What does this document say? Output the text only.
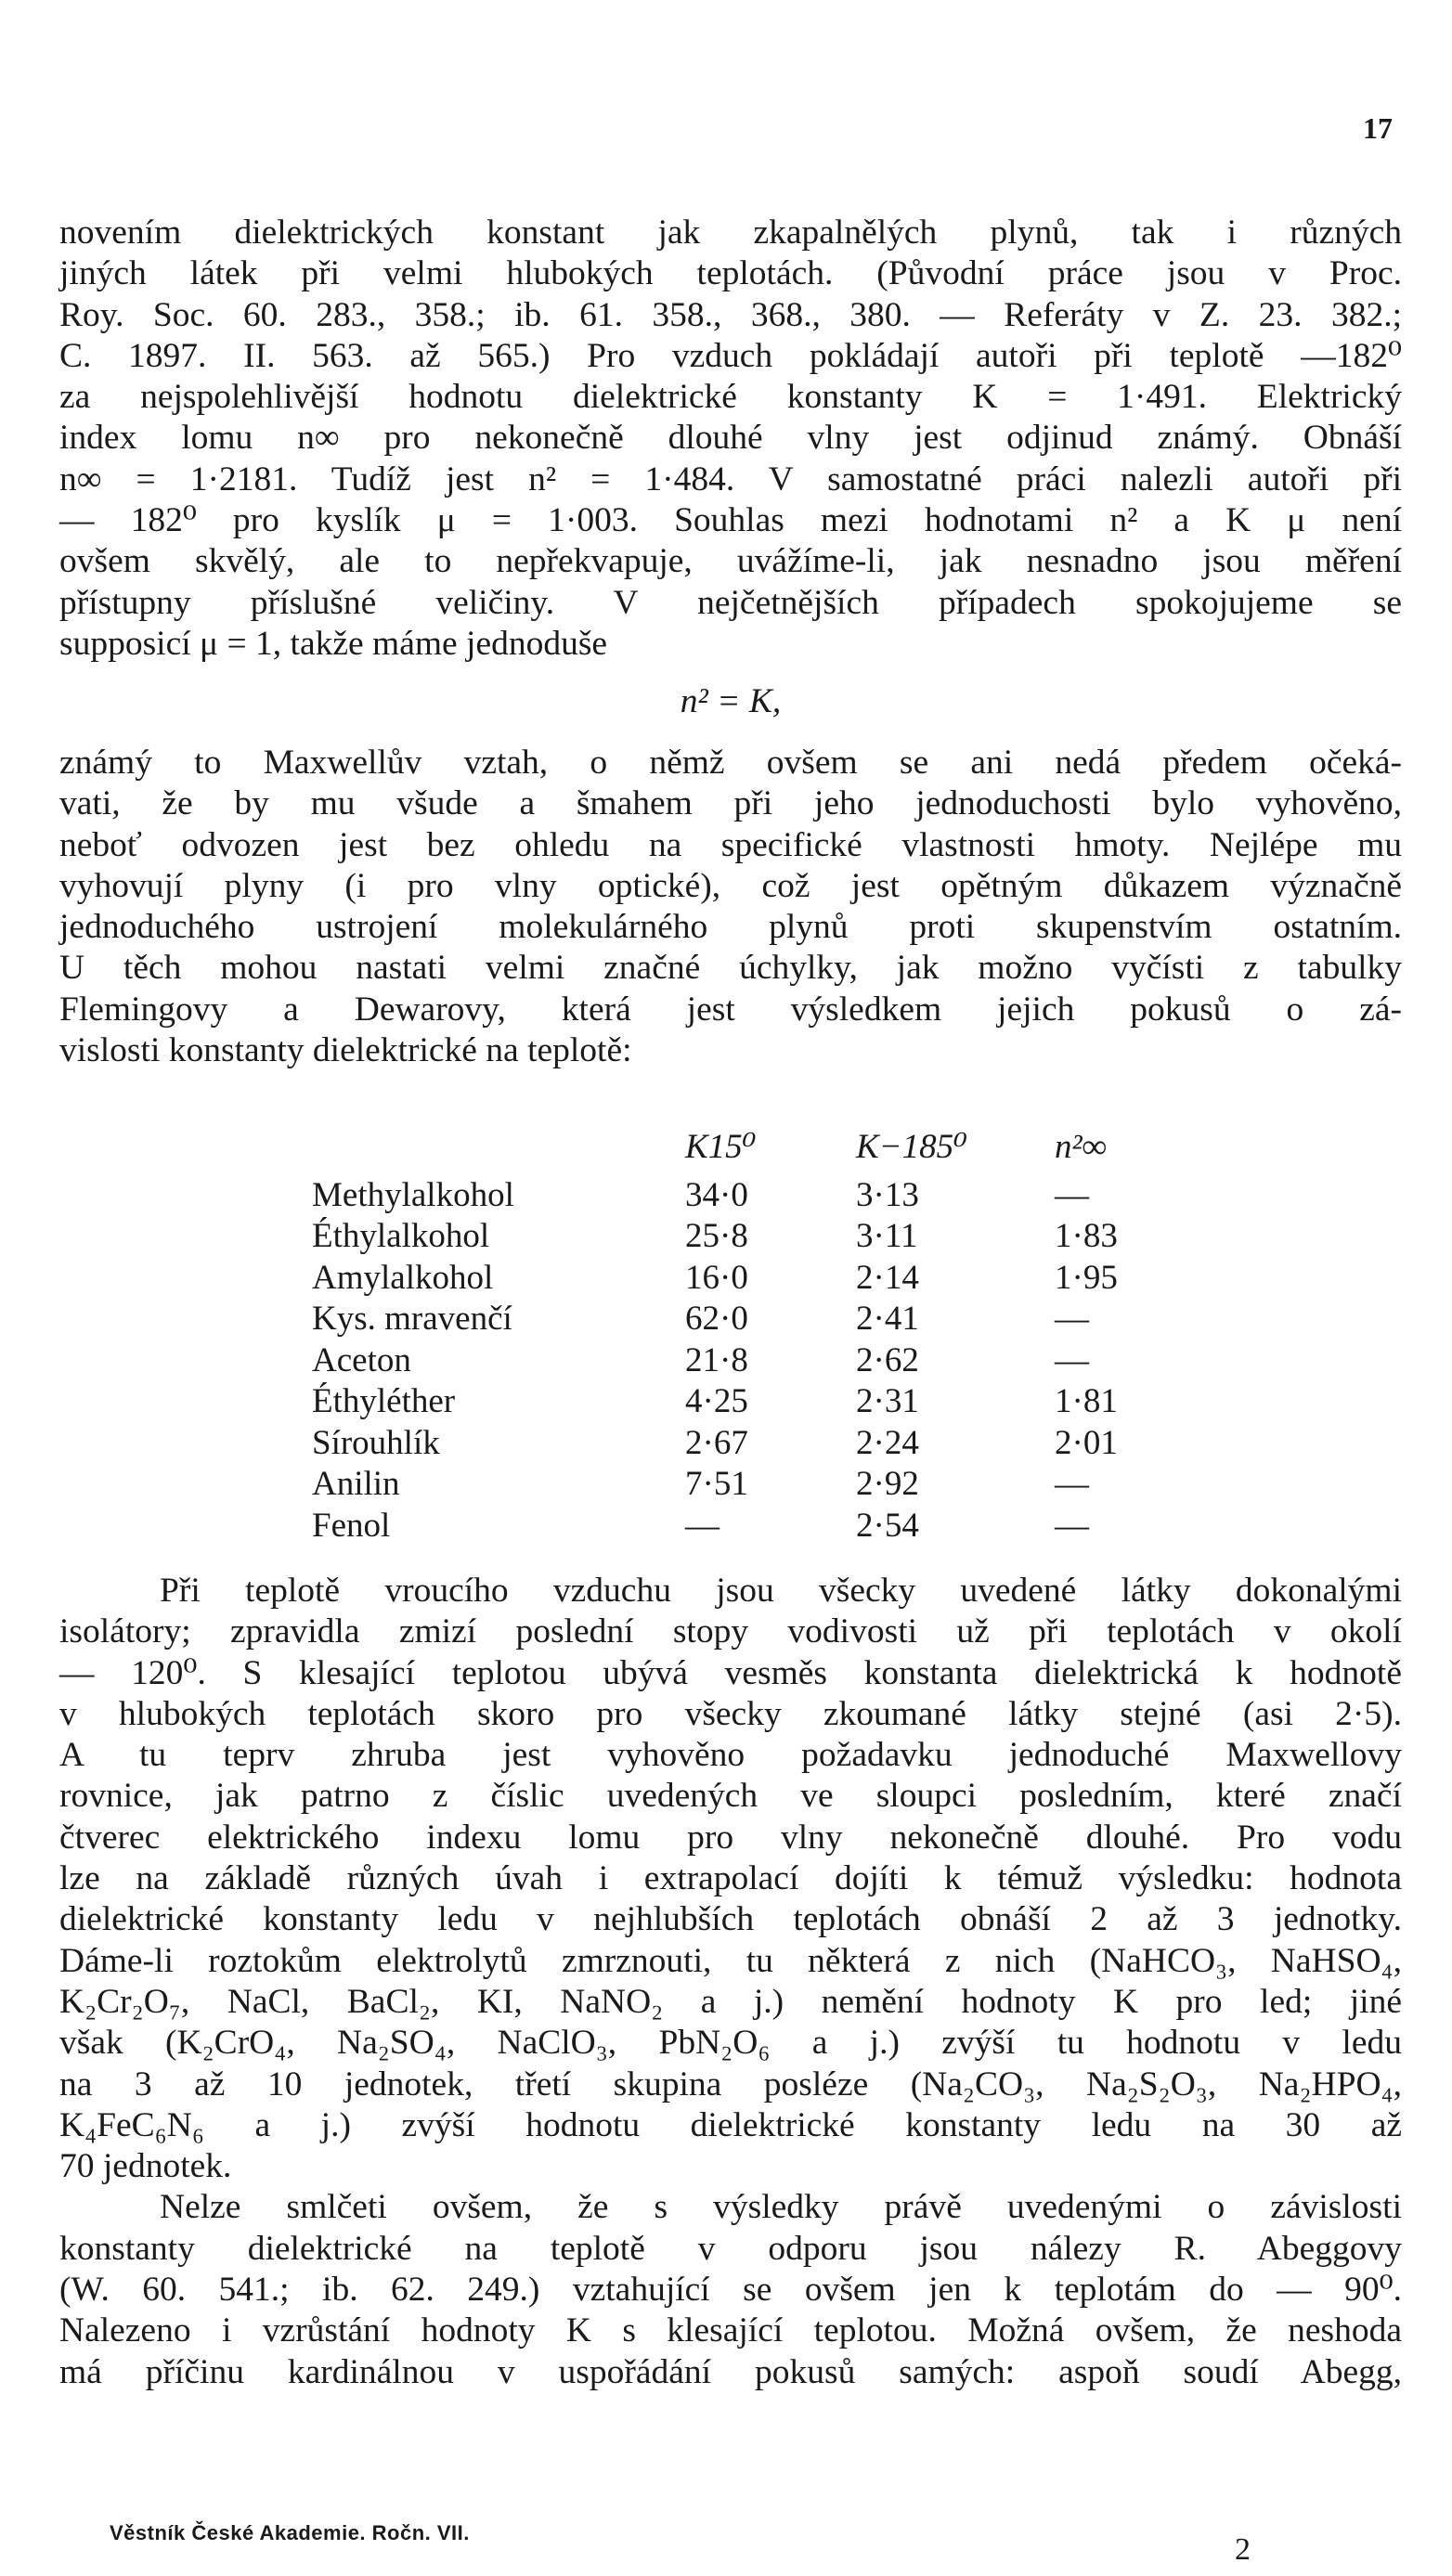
17
novením dielektrických konstant jak zkapalnělých plynů, tak i různých
jiných látek při velmi hlubokých teplotách. (Původní práce jsou v Proc.
Roy. Soc. 60. 283., 358.; ib. 61. 358., 368., 380. — Referáty v Z. 23. 382.;
C. 1897. II. 563. až 565.) Pro vzduch pokládají autoři při teplotě —182⁰
za nejspolehlivější hodnotu dielektrické konstanty K = 1·491. Elektrický
index lomu n∞ pro nekonečně dlouhé vlny jest odjinud známý. Obnáší
n∞ = 1·2181. Tudíž jest n² = 1·484. V samostatné práci nalezli autoři při
— 182⁰ pro kyslík μ = 1·003. Souhlas mezi hodnotami n² a K μ není
ovšem skvělý, ale to nepřekvapuje, uvážíme-li, jak nesnadno jsou měření
přístupny příslušné veličiny. V nejčetnějších případech spokojujeme se
supposicí μ = 1, takže máme jednoduše
n² = K,
známý to Maxwellův vztah, o němž ovšem se ani nedá předem očeká-
vati, že by mu všude a šmahem při jeho jednoduchosti bylo vyhověno,
neboť odvozen jest bez ohledu na specifické vlastnosti hmoty. Nejlépe mu
vyhovují plyny (i pro vlny optické), což jest opětným důkazem význačně
jednoduchého ustrojení molekulárného plynů proti skupenstvím ostatním.
U těch mohou nastati velmi značné úchylky, jak možno vyčísti z tabulky
Flemingovy a Dewarovy, která jest výsledkem jejich pokusů o zá-
vislosti konstanty dielektrické na teplotě:
	K15⁰	K−185⁰	n²∞
Methylalkohol	34·0	3·13	—
Éthylalkohol	25·8	3·11	1·83
Amylalkohol	16·0	2·14	1·95
Kys. mravenčí	62·0	2·41	—
Aceton	21·8	2·62	—
Éthyléther	4·25	2·31	1·81
Sírouhlík	2·67	2·24	2·01
Anilin	7·51	2·92	—
Fenol	—	2·54	—
Při teplotě vroucího vzduchu jsou všecky uvedené látky dokonalými
isolátory; zpravidla zmizí poslední stopy vodivosti už při teplotách v okolí
— 120⁰. S klesající teplotou ubývá vesměs konstanta dielektrická k hodnotě
v hlubokých teplotách skoro pro všecky zkoumané látky stejné (asi 2·5).
A tu teprv zhruba jest vyhověno požadavku jednoduché Maxwellovy
rovnice, jak patrno z číslic uvedených ve sloupci posledním, které značí
čtverec elektrického indexu lomu pro vlny nekonečně dlouhé. Pro vodu
lze na základě různých úvah i extrapolací dojíti k témuž výsledku: hodnota
dielektrické konstanty ledu v nejhlubších teplotách obnáší 2 až 3 jednotky.
Dáme-li roztokům elektrolytů zmrznouti, tu některá z nich (NaHCO₃, NaHSO₄,
K₂Cr₂O₇, NaCl, BaCl₂, KI, NaNO₂ a j.) nemění hodnoty K pro led; jiné
však (K₂CrO₄, Na₂SO₄, NaClO₃, PbN₂O₆ a j.) zvýší tu hodnotu v ledu
na 3 až 10 jednotek, třetí skupina posléze (Na₂CO₃, Na₂S₂O₃, Na₂HPO₄,
K₄FeC₆N₆ a j.) zvýší hodnotu dielektrické konstanty ledu na 30 až
70 jednotek.
Nelze smlčeti ovšem, že s výsledky právě uvedenými o závislosti
konstanty dielektrické na teplotě v odporu jsou nálezy R. Abeggovy
(W. 60. 541.; ib. 62. 249.) vztahující se ovšem jen k teplotám do — 90⁰.
Nalezeno i vzrůstání hodnoty K s klesající teplotou. Možná ovšem, že neshoda
má příčinu kardinálnou v uspořádání pokusů samých: aspoň soudí Abegg,
Věstník České Akademie. Ročn. VII.	2
